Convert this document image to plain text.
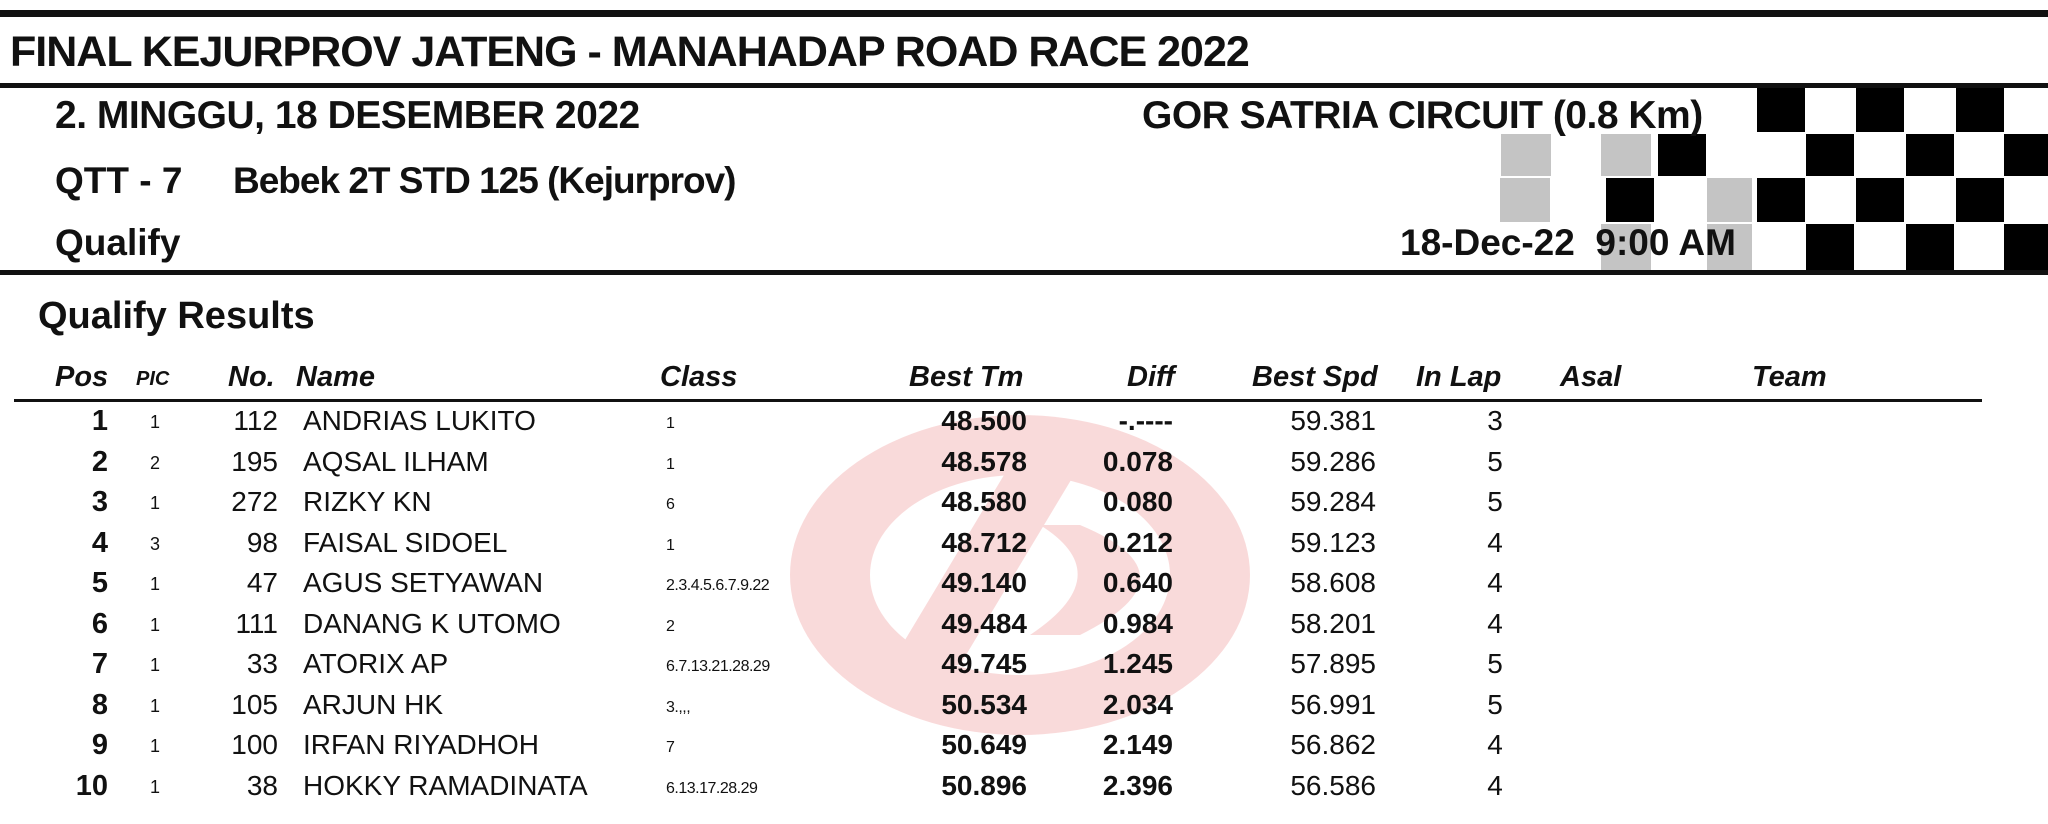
FINAL KEJURPROV JATENG - MANAHADAP ROAD RACE 2022
2. MINGGU, 18 DESEMBER 2022	GOR SATRIA CIRCUIT (0.8 Km)
QTT - 7 Bebek 2T STD 125 (Kejurprov)
Qualify	18-Dec-22  9:00 AM
Qualify Results
Pos PIC No. Name	Class	Best Tm	Diff	Best Spd In Lap Asal	Team
1 1	112 ANDRIAS LUKITO	1	48.500	-.----	59.381	3
2 2	195 AQSAL ILHAM	1	48.578	0.078	59.286	5
3 1	272 RIZKY KN	6	48.580	0.080	59.284	5
4 3	98 FAISAL SIDOEL	1	48.712	0.212	59.123	4
5 1	47 AGUS SETYAWAN	2.3.4.5.6.7.9.22	49.140	0.640	58.608	4
6 1	111 DANANG K UTOMO	2	49.484	0.984	58.201	4
7 1	33 ATORIX AP	6.7.13.21.28.29	49.745	1.245	57.895	5
8 1	105 ARJUN HK	3.,,,	50.534	2.034	56.991	5
9 1	100 IRFAN RIYADHOH	7	50.649	2.149	56.862	4
10 1	38 HOKKY RAMADINATA	6.13.17.28.29	50.896	2.396	56.586	4
